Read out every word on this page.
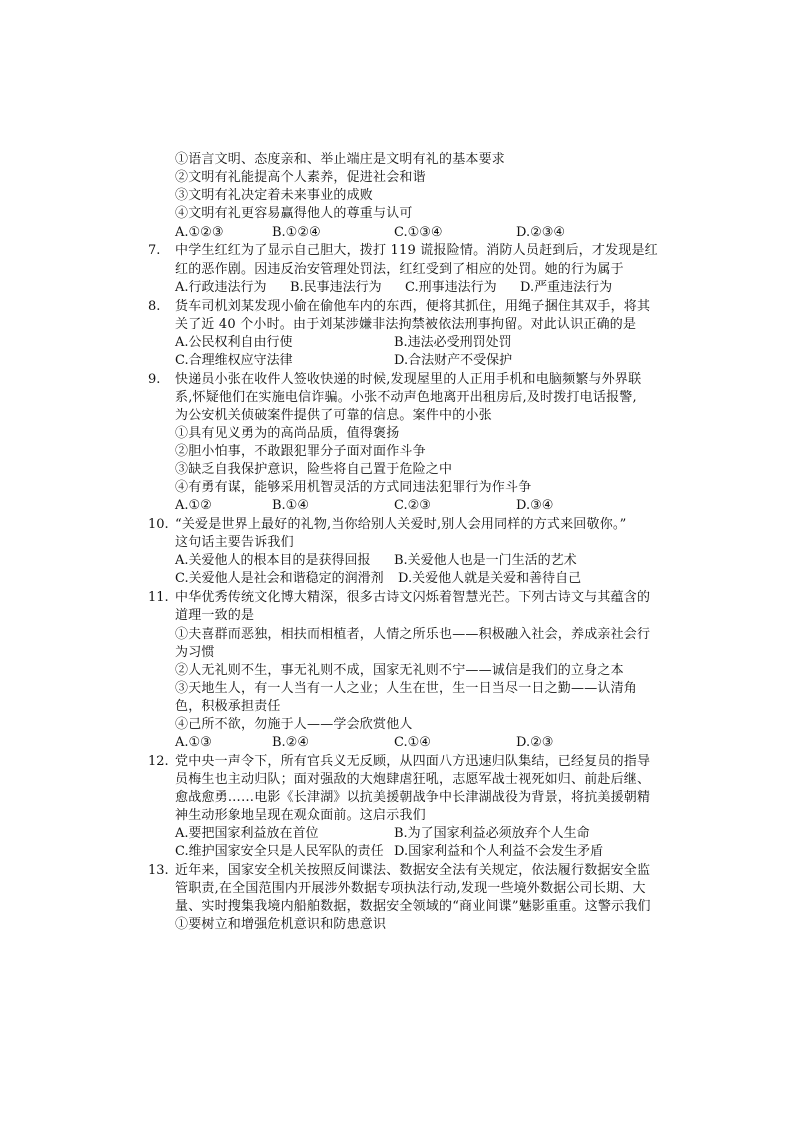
①语言文明、态度亲和、举止端庄是文明有礼的基本要求
②文明有礼能提高个人素养，促进社会和谐
③文明有礼决定着未来事业的成败
④文明有礼更容易赢得他人的尊重与认可
A.①②③	B.①②④	C.①③④	D.②③④
7. 中学生红红为了显示自己胆大，拨打 119 谎报险情。消防人员赶到后，才发现是红
红的恶作剧。因违反治安管理处罚法，红红受到了相应的处罚。她的行为属于
A.行政违法行为 B.民事违法行为 C.刑事违法行为 D.严重违法行为
8. 货车司机刘某发现小偷在偷他车内的东西，便将其抓住，用绳子捆住其双手，将其
关了近 40 个小时。由于刘某涉嫌非法拘禁被依法刑事拘留。对此认识正确的是
A.公民权利自由行使	B.违法必受刑罚处罚
C.合理维权应守法律	D.合法财产不受保护
9. 快递员小张在收件人签收快递的时候,发现屋里的人正用手机和电脑频繁与外界联
系,怀疑他们在实施电信诈骗。小张不动声色地离开出租房后,及时拨打电话报警,
为公安机关侦破案件提供了可靠的信息。案件中的小张
①具有见义勇为的高尚品质，值得褒扬
②胆小怕事，不敢跟犯罪分子面对面作斗争
③缺乏自我保护意识，险些将自己置于危险之中
④有勇有谋，能够采用机智灵活的方式同违法犯罪行为作斗争
A.①②	B.①④	C.②③	D.③④
10. “关爱是世界上最好的礼物,当你给别人关爱时,别人会用同样的方式来回敬你。”
这句话主要告诉我们
A.关爱他人的根本目的是获得回报 B.关爱他人也是一门生活的艺术
C.关爱他人是社会和谐稳定的润滑剂 D.关爱他人就是关爱和善待自己
11. 中华优秀传统文化博大精深，很多古诗文闪烁着智慧光芒。下列古诗文与其蕴含的
道理一致的是
①夫喜群而恶独，相扶而相植者，人情之所乐也——积极融入社会，养成亲社会行
为习惯
②人无礼则不生，事无礼则不成，国家无礼则不宁——诚信是我们的立身之本
③天地生人，有一人当有一人之业；人生在世，生一日当尽一日之勤——认清角
色，积极承担责任
④己所不欲，勿施于人——学会欣赏他人
A.①③	B.②④	C.①④	D.②③
12. 党中央一声令下，所有官兵义无反顾，从四面八方迅速归队集结，已经复员的指导
员梅生也主动归队；面对强敌的大炮肆虐狂吼，志愿军战士视死如归、前赴后继、
愈战愈勇……电影《长津湖》以抗美援朝战争中长津湖战役为背景，将抗美援朝精
神生动形象地呈现在观众面前。这启示我们
A.要把国家利益放在首位	B.为了国家利益必须放弃个人生命
C.维护国家安全只是人民军队的责任 D.国家利益和个人利益不会发生矛盾
13. 近年来，国家安全机关按照反间谍法、数据安全法有关规定，依法履行数据安全监
管职责,在全国范围内开展涉外数据专项执法行动,发现一些境外数据公司长期、大
量、实时搜集我境内船舶数据，数据安全领域的“商业间谍”魅影重重。这警示我们
①要树立和增强危机意识和防患意识
